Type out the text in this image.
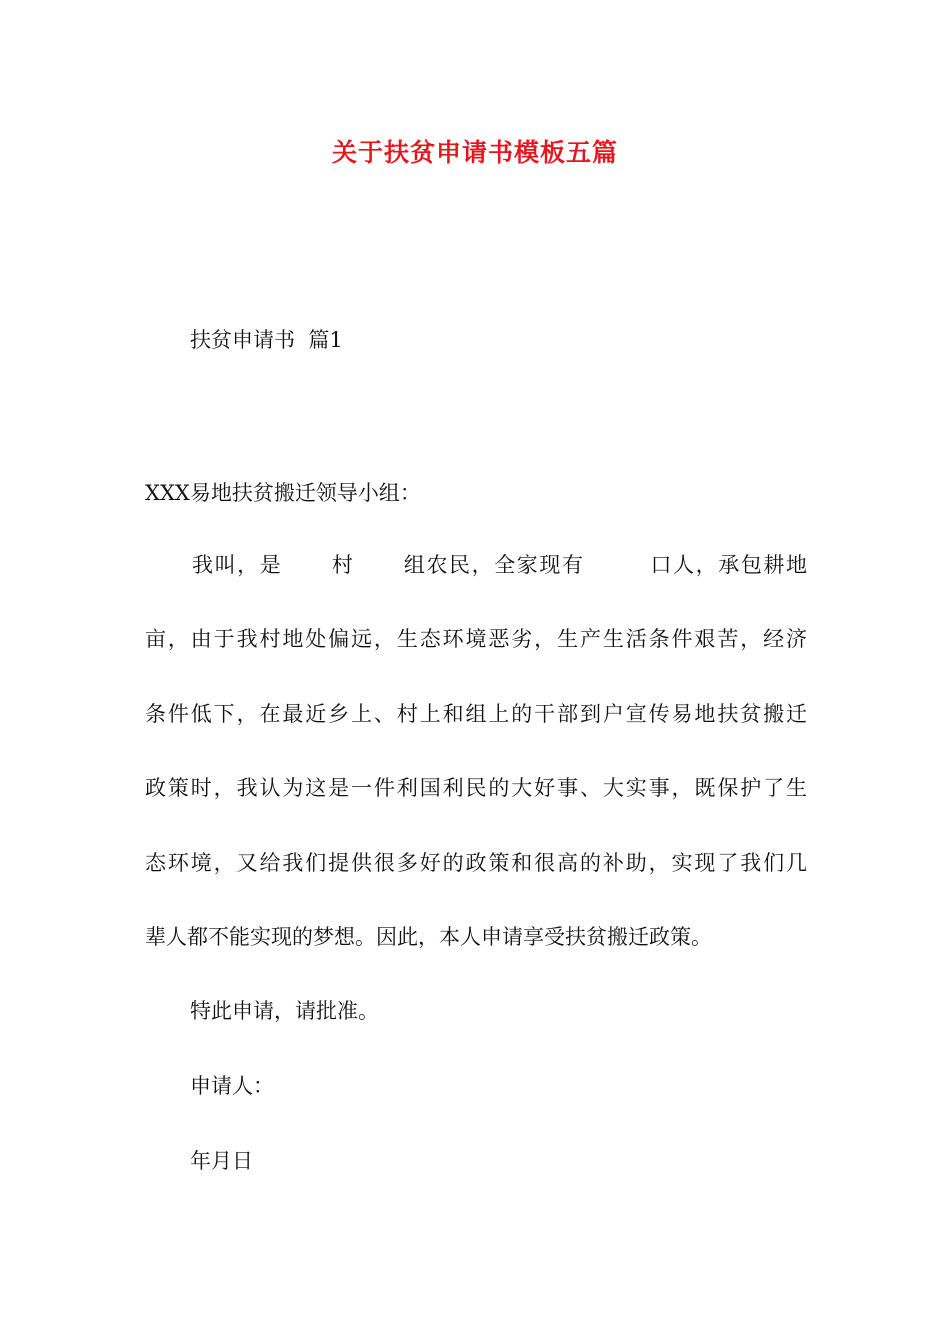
关于扶贫申请书模板五篇
扶贫申请书  篇1
XXX易地扶贫搬迁领导小组：
我叫，是      村      组农民，全家现有        口人，承包耕地
亩，由于我村地处偏远，生态环境恶劣，生产生活条件艰苦，经济
条件低下，在最近乡上、村上和组上的干部到户宣传易地扶贫搬迁
政策时，我认为这是一件利国利民的大好事、大实事，既保护了生
态环境，又给我们提供很多好的政策和很高的补助，实现了我们几
辈人都不能实现的梦想。因此，本人申请享受扶贫搬迁政策。
特此申请，请批准。
申请人：
年月日
